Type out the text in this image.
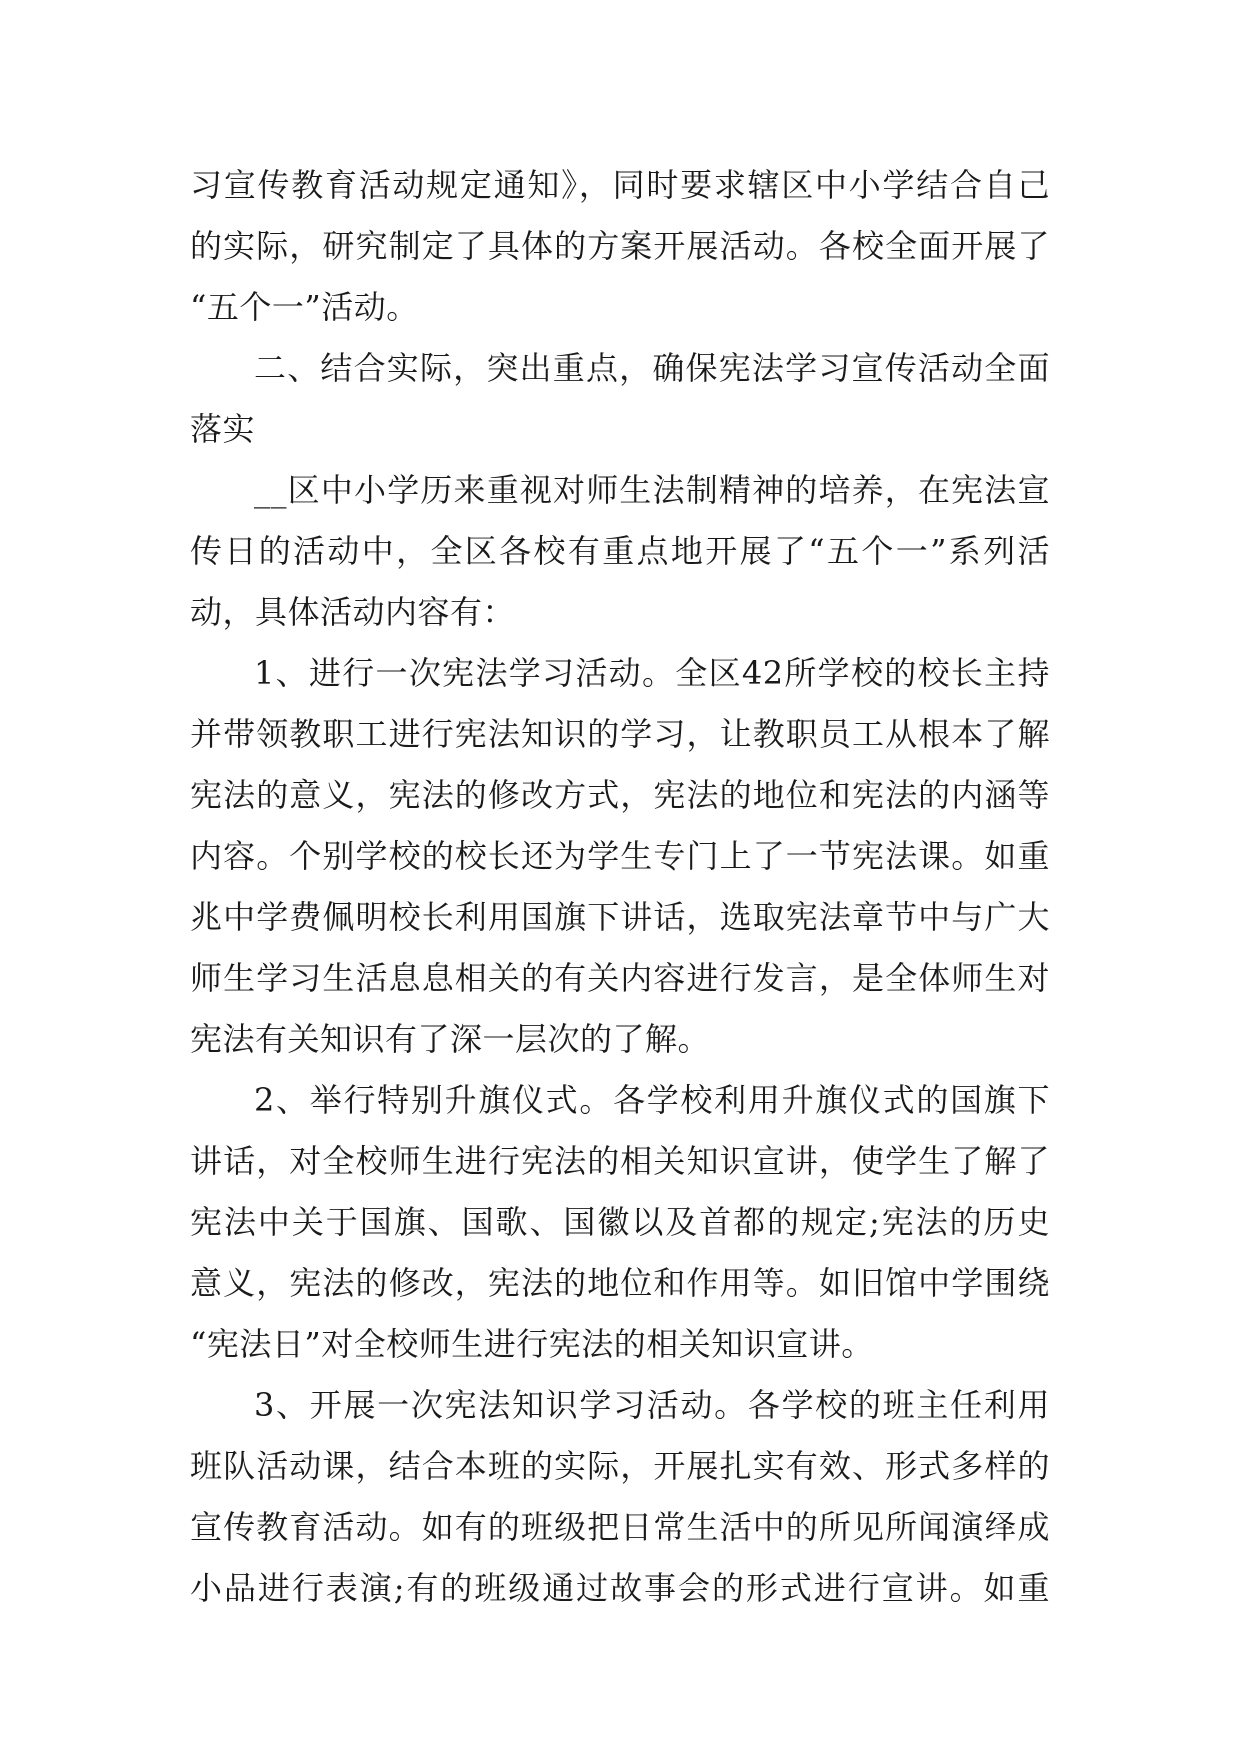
习宣传教育活动规定通知》，同时要求辖区中小学结合自己
的实际，研究制定了具体的方案开展活动。各校全面开展了
“五个一”活动。
二、结合实际，突出重点，确保宪法学习宣传活动全面
落实
__区中小学历来重视对师生法制精神的培养，在宪法宣
传日的活动中，全区各校有重点地开展了“五个一”系列活
动，具体活动内容有：
1、进行一次宪法学习活动。全区42所学校的校长主持
并带领教职工进行宪法知识的学习，让教职员工从根本了解
宪法的意义，宪法的修改方式，宪法的地位和宪法的内涵等
内容。个别学校的校长还为学生专门上了一节宪法课。如重
兆中学费佩明校长利用国旗下讲话，选取宪法章节中与广大
师生学习生活息息相关的有关内容进行发言，是全体师生对
宪法有关知识有了深一层次的了解。
2、举行特别升旗仪式。各学校利用升旗仪式的国旗下
讲话，对全校师生进行宪法的相关知识宣讲，使学生了解了
宪法中关于国旗、国歌、国徽以及首都的规定;宪法的历史
意义，宪法的修改，宪法的地位和作用等。如旧馆中学围绕
“宪法日”对全校师生进行宪法的相关知识宣讲。
3、开展一次宪法知识学习活动。各学校的班主任利用
班队活动课，结合本班的实际，开展扎实有效、形式多样的
宣传教育活动。如有的班级把日常生活中的所见所闻演绎成
小品进行表演;有的班级通过故事会的形式进行宣讲。如重
